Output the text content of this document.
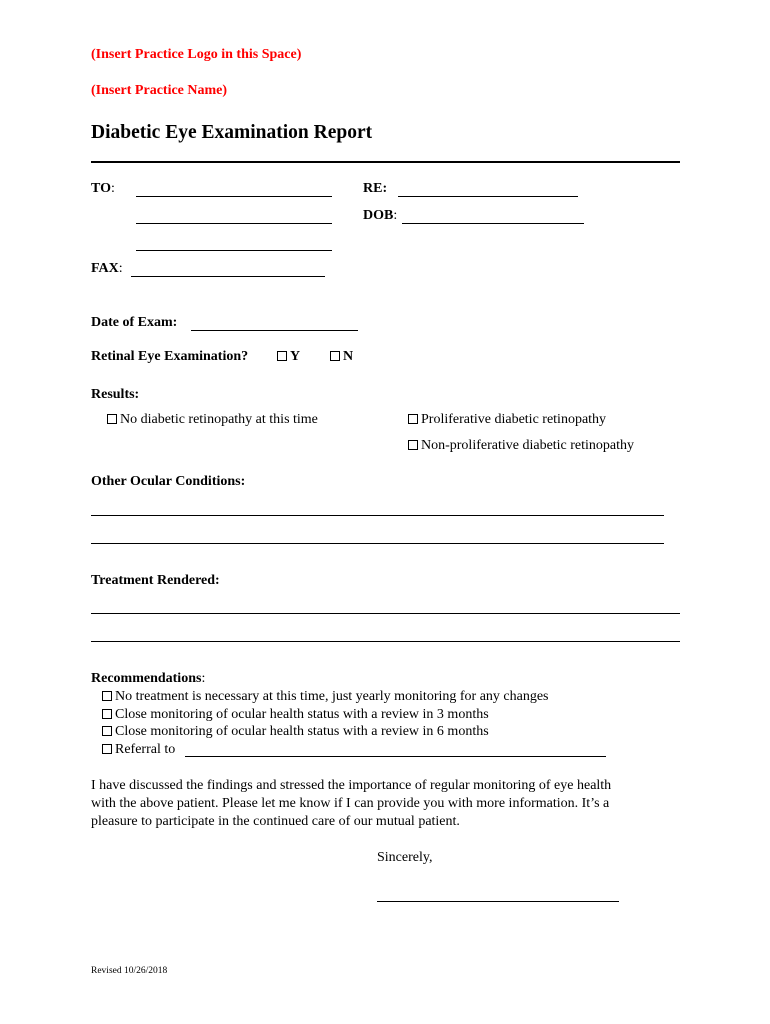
(Insert Practice Logo in this Space)
(Insert Practice Name)
Diabetic Eye Examination Report
TO:	RE:
DOB:
FAX:
Date of Exam:
Retinal Eye Examination?	Y	N
Results:
No diabetic retinopathy at this time	Proliferative diabetic retinopathy
Non-proliferative diabetic retinopathy
Other Ocular Conditions:
Treatment Rendered:
Recommendations:
No treatment is necessary at this time, just yearly monitoring for any changes
Close monitoring of ocular health status with a review in 3 months
Close monitoring of ocular health status with a review in 6 months
Referral to
I have discussed the findings and stressed the importance of regular monitoring of eye health
with the above patient. Please let me know if I can provide you with more information. It’s a
pleasure to participate in the continued care of our mutual patient.
Sincerely,
Revised 10/26/2018
